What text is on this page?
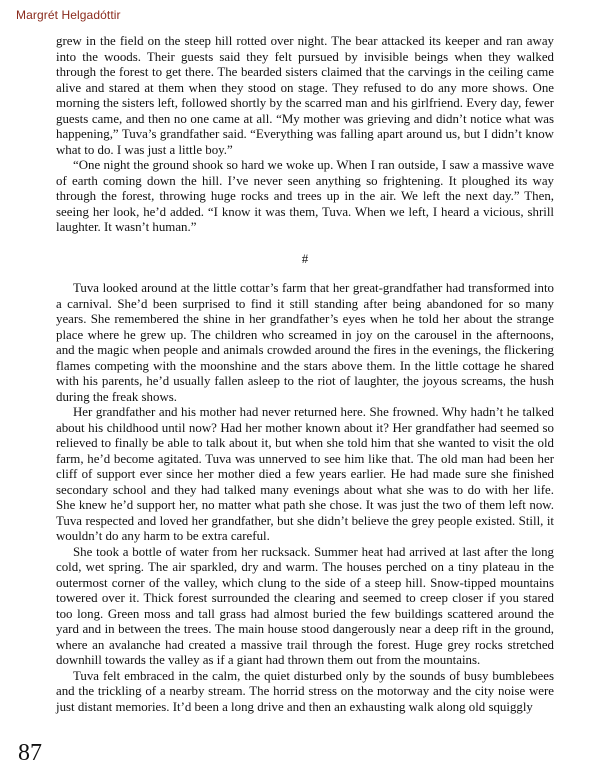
Margrét Helgadóttir

grew in the field on the steep hill rotted over night. The bear attacked its keeper and ran away into the woods. Their guests said they felt pursued by invisible beings when they walked through the forest to get there. The bearded sisters claimed that the carvings in the ceiling came alive and stared at them when they stood on stage. They refused to do any more shows. One morning the sisters left, followed shortly by the scarred man and his girlfriend. Every day, fewer guests came, and then no one came at all. “My mother was grieving and didn’t notice what was happening,” Tuva’s grandfather said. “Everything was falling apart around us, but I didn’t know what to do. I was just a little boy.”

“One night the ground shook so hard we woke up. When I ran outside, I saw a massive wave of earth coming down the hill. I’ve never seen anything so frightening. It ploughed its way through the forest, throwing huge rocks and trees up in the air. We left the next day.” Then, seeing her look, he’d added. “I know it was them, Tuva. When we left, I heard a vicious, shrill laughter. It wasn’t human.”

#

Tuva looked around at the little cottar’s farm that her great-grandfather had transformed into a carnival. She’d been surprised to find it still standing after being abandoned for so many years. She remembered the shine in her grandfather’s eyes when he told her about the strange place where he grew up. The children who screamed in joy on the carousel in the afternoons, and the magic when people and animals crowded around the fires in the evenings, the flickering flames competing with the moonshine and the stars above them. In the little cottage he shared with his parents, he’d usually fallen asleep to the riot of laughter, the joyous screams, the hush during the freak shows.

Her grandfather and his mother had never returned here. She frowned. Why hadn’t he talked about his childhood until now? Had her mother known about it? Her grandfather had seemed so relieved to finally be able to talk about it, but when she told him that she wanted to visit the old farm, he’d become agitated. Tuva was unnerved to see him like that. The old man had been her cliff of support ever since her mother died a few years earlier. He had made sure she finished secondary school and they had talked many evenings about what she was to do with her life. She knew he’d support her, no matter what path she chose. It was just the two of them left now. Tuva respected and loved her grandfather, but she didn’t believe the grey people existed. Still, it wouldn’t do any harm to be extra careful.

She took a bottle of water from her rucksack. Summer heat had arrived at last after the long cold, wet spring. The air sparkled, dry and warm. The houses perched on a tiny plateau in the outermost corner of the valley, which clung to the side of a steep hill. Snow-tipped mountains towered over it. Thick forest surrounded the clearing and seemed to creep closer if you stared too long. Green moss and tall grass had almost buried the few buildings scattered around the yard and in between the trees. The main house stood dangerously near a deep rift in the ground, where an avalanche had created a massive trail through the forest. Huge grey rocks stretched downhill towards the valley as if a giant had thrown them out from the mountains.

Tuva felt embraced in the calm, the quiet disturbed only by the sounds of busy bumblebees and the trickling of a nearby stream. The horrid stress on the motorway and the city noise were just distant memories. It’d been a long drive and then an exhausting walk along old squiggly

87
